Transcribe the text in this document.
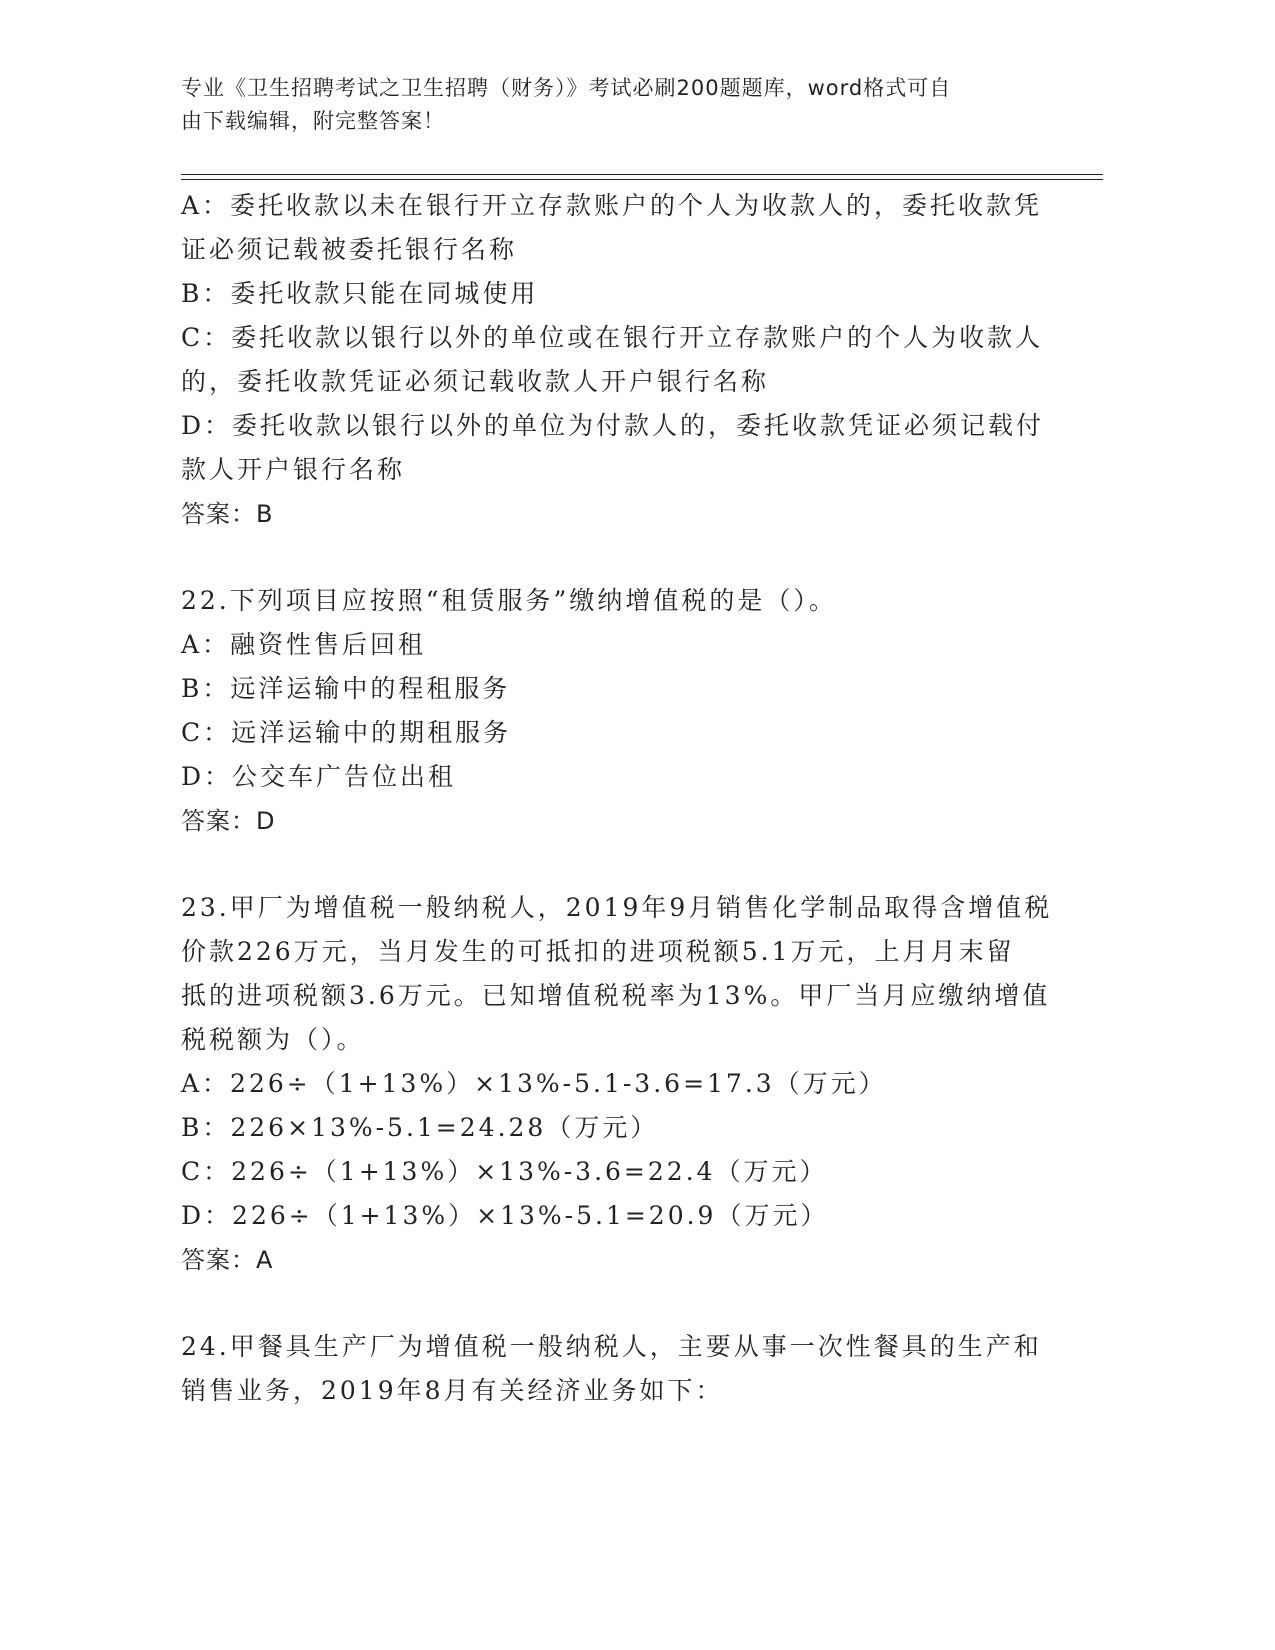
专业《卫生招聘考试之卫生招聘（财务）》考试必刷200题题库，word格式可自
由下载编辑，附完整答案！
A：委托收款以未在银行开立存款账户的个人为收款人的，委托收款凭
证必须记载被委托银行名称
B：委托收款只能在同城使用
C：委托收款以银行以外的单位或在银行开立存款账户的个人为收款人
的，委托收款凭证必须记载收款人开户银行名称
D：委托收款以银行以外的单位为付款人的，委托收款凭证必须记载付
款人开户银行名称
答案：B
22.下列项目应按照“租赁服务”缴纳增值税的是（）。
A：融资性售后回租
B：远洋运输中的程租服务
C：远洋运输中的期租服务
D：公交车广告位出租
答案：D
23.甲厂为增值税一般纳税人，2019年9月销售化学制品取得含增值税
价款226万元，当月发生的可抵扣的进项税额5.1万元，上月月末留
抵的进项税额3.6万元。已知增值税税率为13%。甲厂当月应缴纳增值
税税额为（）。
A：226÷（1+13%）×13%-5.1-3.6=17.3（万元）
B：226×13%-5.1=24.28（万元）
C：226÷（1+13%）×13%-3.6=22.4（万元）
D：226÷（1+13%）×13%-5.1=20.9（万元）
答案：A
24.甲餐具生产厂为增值税一般纳税人，主要从事一次性餐具的生产和
销售业务，2019年8月有关经济业务如下：
